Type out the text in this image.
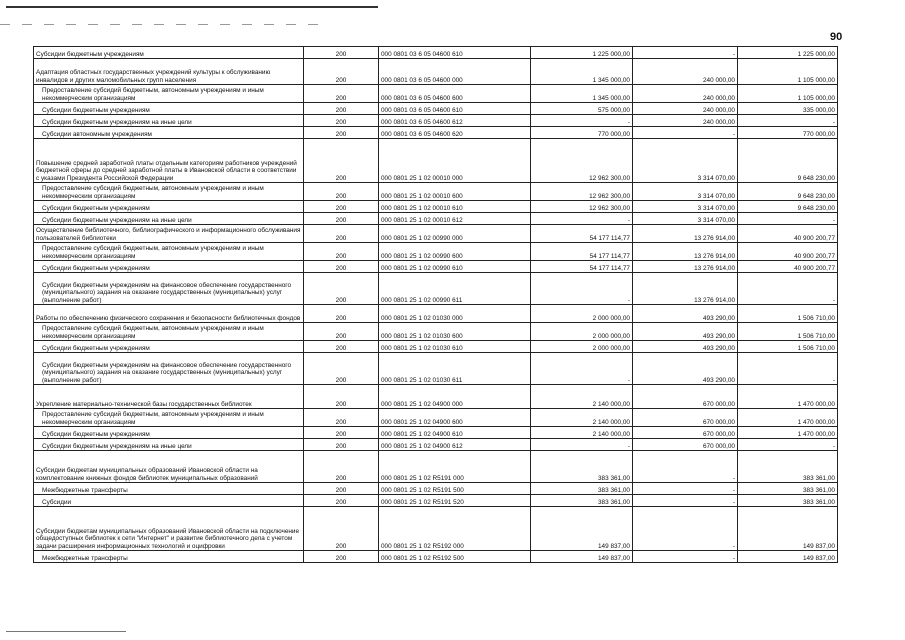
90
Субсидии бюджетным учреждениям	200	000 0801 03 6 05 04600 610	1 225 000,00	-	1 225 000,00
Адаптация областных государственных учреждений культуры к обслуживанию инвалидов и других маломобильных групп населения	200	000 0801 03 6 05 04600 000	1 345 000,00	240 000,00	1 105 000,00
Предоставление субсидий бюджетным, автономным учреждениям и иным некоммерческим организациям	200	000 0801 03 6 05 04600 600	1 345 000,00	240 000,00	1 105 000,00
Субсидии бюджетным учреждениям	200	000 0801 03 6 05 04600 610	575 000,00	240 000,00	335 000,00
Субсидии бюджетным учреждениям на иные цели	200	000 0801 03 6 05 04600 612	-	240 000,00	-
Субсидии автономным учреждениям	200	000 0801 03 6 05 04600 620	770 000,00	-	770 000,00
Повышение средней заработной платы отдельным категориям работников учреждений бюджетной сферы до средней заработной платы в Ивановской области в соответствии с указами Президента Российской Федерации	200	000 0801 25 1 02 00010 000	12 962 300,00	3 314 070,00	9 648 230,00
Предоставление субсидий бюджетным, автономным учреждениям и иным некоммерческим организациям	200	000 0801 25 1 02 00010 600	12 962 300,00	3 314 070,00	9 648 230,00
Субсидии бюджетным учреждениям	200	000 0801 25 1 02 00010 610	12 962 300,00	3 314 070,00	9 648 230,00
Субсидии бюджетным учреждениям на иные цели	200	000 0801 25 1 02 00010 612	-	3 314 070,00	-
Осуществление библиотечного, библиографического и информационного обслуживания пользователей библиотеки	200	000 0801 25 1 02 00990 000	54 177 114,77	13 276 914,00	40 900 200,77
Предоставление субсидий бюджетным, автономным учреждениям и иным некоммерческим организациям	200	000 0801 25 1 02 00990 600	54 177 114,77	13 276 914,00	40 900 200,77
Субсидии бюджетным учреждениям	200	000 0801 25 1 02 00990 610	54 177 114,77	13 276 914,00	40 900 200,77
Субсидии бюджетным учреждениям на финансовое обеспечение государственного (муниципального) задания на оказание государственных (муниципальных) услуг (выполнение работ)	200	000 0801 25 1 02 00990 611	-	13 276 914,00	-
Работы по обеспечению физического сохранения и безопасности библиотечных фондов	200	000 0801 25 1 02 01030 000	2 000 000,00	493 290,00	1 506 710,00
Предоставление субсидий бюджетным, автономным учреждениям и иным некоммерческим организациям	200	000 0801 25 1 02 01030 600	2 000 000,00	493 290,00	1 506 710,00
Субсидии бюджетным учреждениям	200	000 0801 25 1 02 01030 610	2 000 000,00	493 290,00	1 506 710,00
Субсидии бюджетным учреждениям на финансовое обеспечение государственного (муниципального) задания на оказание государственных (муниципальных) услуг (выполнение работ)	200	000 0801 25 1 02 01030 611	-	493 290,00	-
Укрепление материально-технической базы государственных библиотек	200	000 0801 25 1 02 04900 000	2 140 000,00	670 000,00	1 470 000,00
Предоставление субсидий бюджетным, автономным учреждениям и иным некоммерческим организациям	200	000 0801 25 1 02 04900 600	2 140 000,00	670 000,00	1 470 000,00
Субсидии бюджетным учреждениям	200	000 0801 25 1 02 04900 610	2 140 000,00	670 000,00	1 470 000,00
Субсидии бюджетным учреждениям на иные цели	200	000 0801 25 1 02 04900 612	-	670 000,00	-
Субсидии бюджетам муниципальных образований Ивановской области на комплектование книжных фондов библиотек муниципальных образований	200	000 0801 25 1 02 R5191 000	383 361,00	-	383 361,00
Межбюджетные трансферты	200	000 0801 25 1 02 R5191 500	383 361,00	-	383 361,00
Субсидии	200	000 0801 25 1 02 R5191 520	383 361,00	-	383 361,00
Субсидии бюджетам муниципальных образований Ивановской области на подключение общедоступных библиотек к сети "Интернет" и развитие библиотечного дела с учетом задачи расширения информационных технологий и оцифровки	200	000 0801 25 1 02 R5192 000	149 837,00	-	149 837,00
Межбюджетные трансферты	200	000 0801 25 1 02 R5192 500	149 837,00	-	149 837,00
